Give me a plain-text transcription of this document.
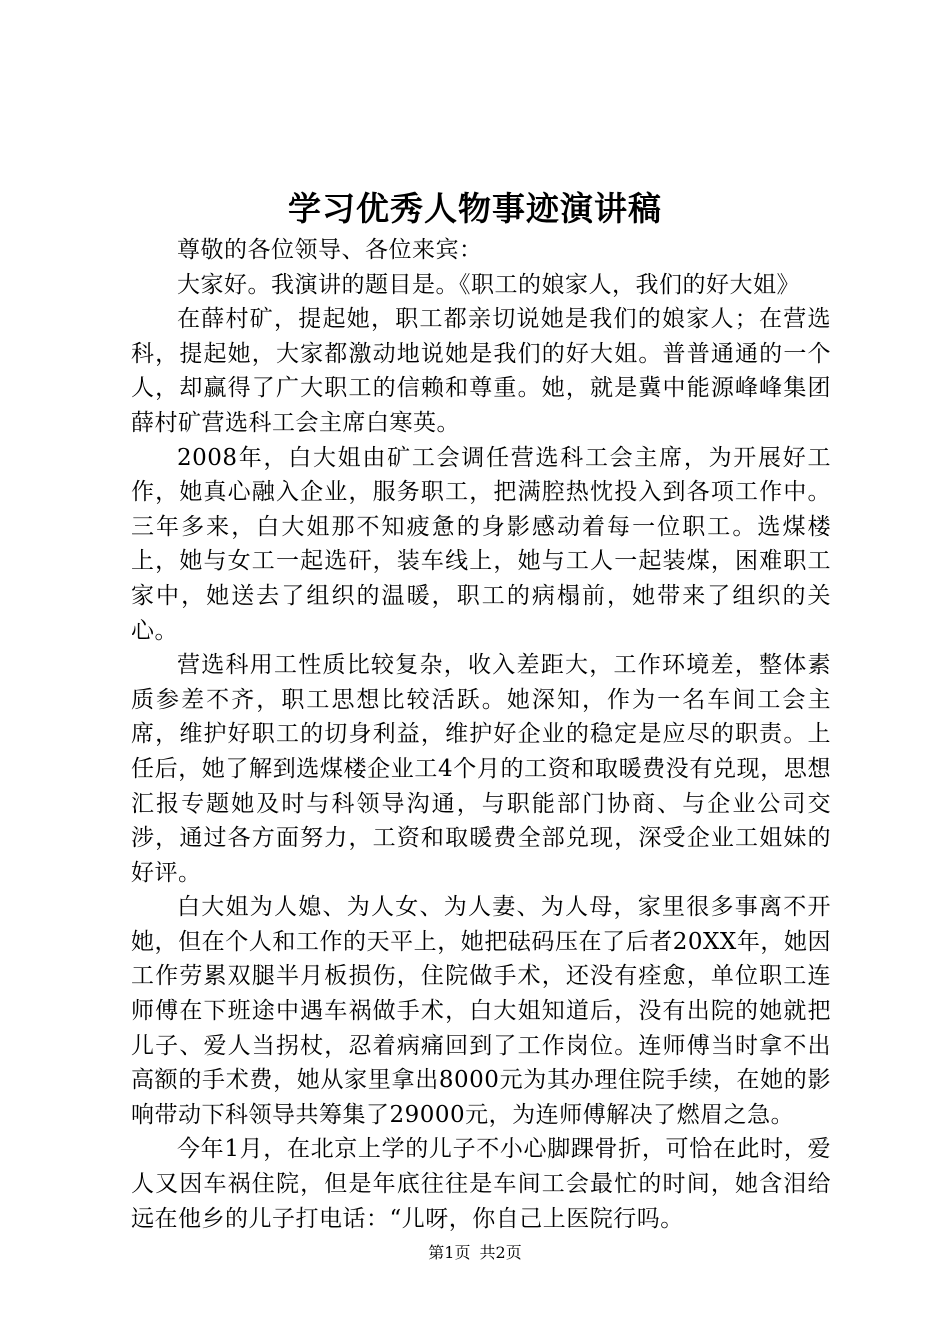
学习优秀人物事迹演讲稿

尊敬的各位领导、各位来宾：

大家好。我演讲的题目是。《职工的娘家人，我们的好大姐》

在薛村矿，提起她，职工都亲切说她是我们的娘家人；在营选科，提起她，大家都激动地说她是我们的好大姐。普普通通的一个人，却赢得了广大职工的信赖和尊重。她，就是冀中能源峰峰集团薛村矿营选科工会主席白寒英。

2008年，白大姐由矿工会调任营选科工会主席，为开展好工作，她真心融入企业，服务职工，把满腔热忱投入到各项工作中。三年多来，白大姐那不知疲惫的身影感动着每一位职工。选煤楼上，她与女工一起选矸，装车线上，她与工人一起装煤，困难职工家中，她送去了组织的温暖，职工的病榻前，她带来了组织的关心。

营选科用工性质比较复杂，收入差距大，工作环境差，整体素质参差不齐，职工思想比较活跃。她深知，作为一名车间工会主席，维护好职工的切身利益，维护好企业的稳定是应尽的职责。上任后，她了解到选煤楼企业工4个月的工资和取暖费没有兑现，思想汇报专题她及时与科领导沟通，与职能部门协商、与企业公司交涉，通过各方面努力，工资和取暖费全部兑现，深受企业工姐妹的好评。

白大姐为人媳、为人女、为人妻、为人母，家里很多事离不开她，但在个人和工作的天平上，她把砝码压在了后者20XX年，她因工作劳累双腿半月板损伤，住院做手术，还没有痊愈，单位职工连师傅在下班途中遇车祸做手术，白大姐知道后，没有出院的她就把儿子、爱人当拐杖，忍着病痛回到了工作岗位。连师傅当时拿不出高额的手术费，她从家里拿出8000元为其办理住院手续，在她的影响带动下科领导共筹集了29000元，为连师傅解决了燃眉之急。

今年1月，在北京上学的儿子不小心脚踝骨折，可恰在此时，爱人又因车祸住院，但是年底往往是车间工会最忙的时间，她含泪给远在他乡的儿子打电话：“儿呀，你自己上医院行吗。

第1页 共2页
